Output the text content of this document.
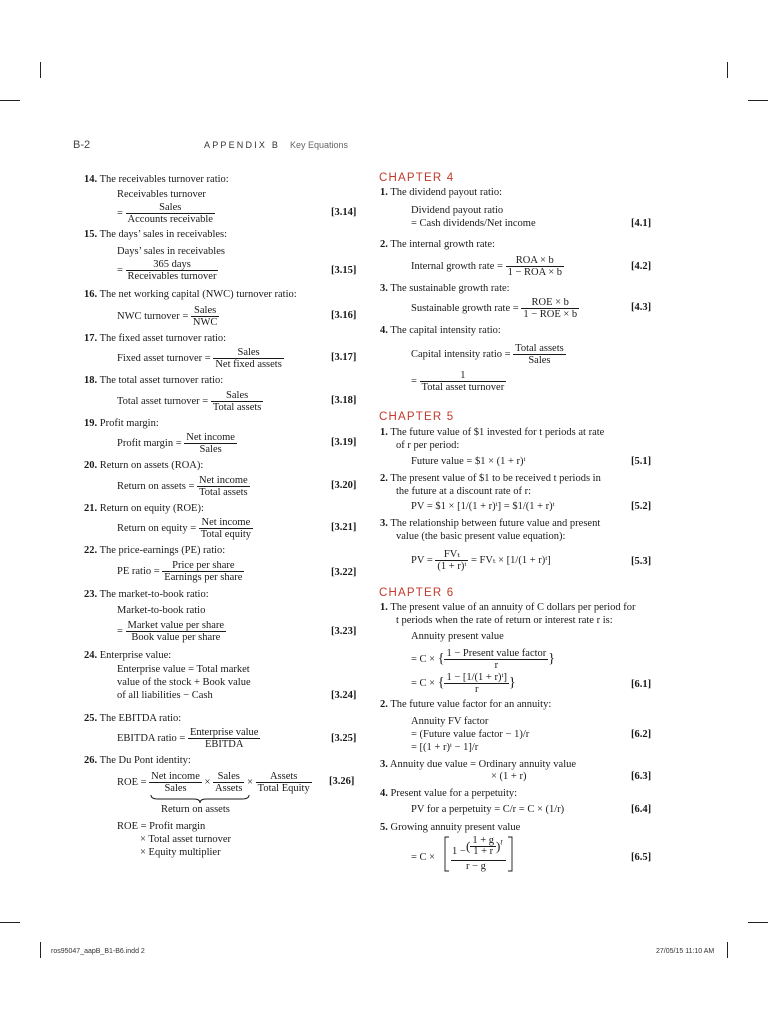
B-2	APPENDIX B Key Equations
14. The receivables turnover ratio:
Receivables turnover
= $\frac{\text{Sales}}{\text{Accounts receivable}}$	[3.14]
15. The days’ sales in receivables:
Days’ sales in receivables
= $\frac{\text{365 days}}{\text{Receivables turnover}}$	[3.15]
16. The net working capital (NWC) turnover ratio:
NWC turnover = $\frac{\text{Sales}}{\text{NWC}}$	[3.16]
17. The fixed asset turnover ratio:
Fixed asset turnover = $\frac{\text{Sales}}{\text{Net fixed assets}}$	[3.17]
18. The total asset turnover ratio:
Total asset turnover = $\frac{\text{Sales}}{\text{Total assets}}$	[3.18]
19. Profit margin:
Profit margin = $\frac{\text{Net income}}{\text{Sales}}$	[3.19]
20. Return on assets (ROA):
Return on assets = $\frac{\text{Net income}}{\text{Total assets}}$	[3.20]
21. Return on equity (ROE):
Return on equity = $\frac{\text{Net income}}{\text{Total equity}}$	[3.21]
22. The price-earnings (PE) ratio:
PE ratio = $\frac{\text{Price per share}}{\text{Earnings per share}}$	[3.22]
23. The market-to-book ratio:
Market-to-book ratio
= $\frac{\text{Market value per share}}{\text{Book value per share}}$	[3.23]
24. Enterprise value:
Enterprise value = Total market
value of the stock + Book value
of all liabilities − Cash	[3.24]
25. The EBITDA ratio:
EBITDA ratio = $\frac{\text{Enterprise value}}{\text{EBITDA}}$	[3.25]
26. The Du Pont identity:
ROE = $\frac{\text{Net income}}{\text{Sales}} \times \frac{\text{Sales}}{\text{Assets}} \times \frac{\text{Assets}}{\text{Total Equity}} [3.26]$
Return on assets
ROE = Profit margin
× Total asset turnover
× Equity multiplier
CHAPTER 4
1. The dividend payout ratio:
Dividend payout ratio
= Cash dividends/Net income	[4.1]
2. The internal growth rate:
Internal growth rate = $\frac{\text{ROA × b}}{\text{1 − ROA × b}}$	[4.2]
3. The sustainable growth rate:
Sustainable growth rate = $\frac{\text{ROE × b}}{\text{1 − ROE × b}}$	[4.3]
4. The capital intensity ratio:
Capital intensity ratio = $\frac{\text{Total assets}}{\text{Sales}}$
= $\frac{1}{\text{Total asset turnover}}$
CHAPTER 5
1. The future value of $1 invested for t periods at rate
of r per period:
Future value = $1 × (1 + r)ᵗ	[5.1]
2. The present value of $1 to be received t periods in
the future at a discount rate of r:
PV = $1 × [1/(1 + r)ᵗ] = $1/(1 + r)ᵗ	[5.2]
3. The relationship between future value and present
value (the basic present value equation):
PV = $\frac{\text{FVₜ}}{\text{(1 + r)ᵗ}} = FV_t \times [1/(1$ + r)ᵗ]	[5.3]
CHAPTER 6
1. The present value of an annuity of C dollars per period for
t periods when the rate of return or interest rate r is:
Annuity present value
= C × { $\frac{\text{1 − Present value factor}}{r}$ }
= C × { $\frac{\text{1 − [1/(1 + r)ᵗ]}}{r}$ }	[6.1]
2. The future value factor for an annuity:
Annuity FV factor
= (Future value factor − 1)/r
= [(1 + r)ᵗ − 1]/r
[6.2]
3. Annuity due value = Ordinary annuity value
× (1 + r)	[6.3]
4. Present value for a perpetuity:
PV for a perpetuity = C/r = C × (1/r)	[6.4]
5. Growing annuity present value
= C ×
1 − ( $\frac{1 + g}{1 + r} )^t$
r − g
[6.5]
ros95047_aapB_B1-B6.indd 2	27/05/15 11:10 AM
